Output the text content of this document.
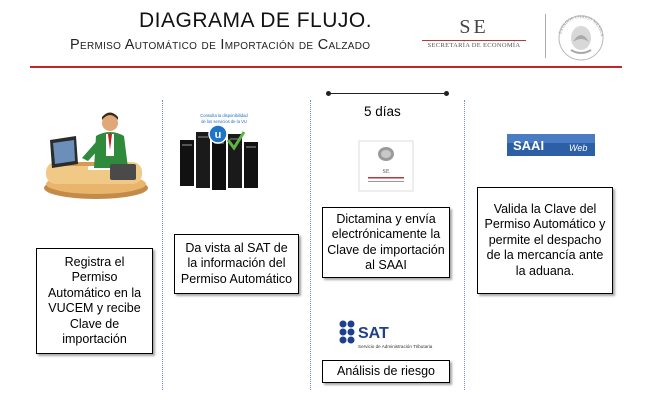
DIAGRAMA DE FLUJO.
Permiso Automático de Importación de Calzado
SE
SECRETARÍA DE ECONOMÍA
ESTADOS UNIDOS MEXICA
5 días
Consulta la disponibilidad
de los servicios de la VU
u
SE
SAAI	Web
SAT
Servicio de Administración Tributaria
Registra el Permiso Automático en la VUCEM y recibe Clave de importación
Da vista al SAT de la información del Permiso Automático
Dictamina y envía electrónicamente la Clave de importación al SAAI
Valida la Clave del Permiso Automático y permite el despacho de la mercancía ante la aduana.
Análisis de riesgo
